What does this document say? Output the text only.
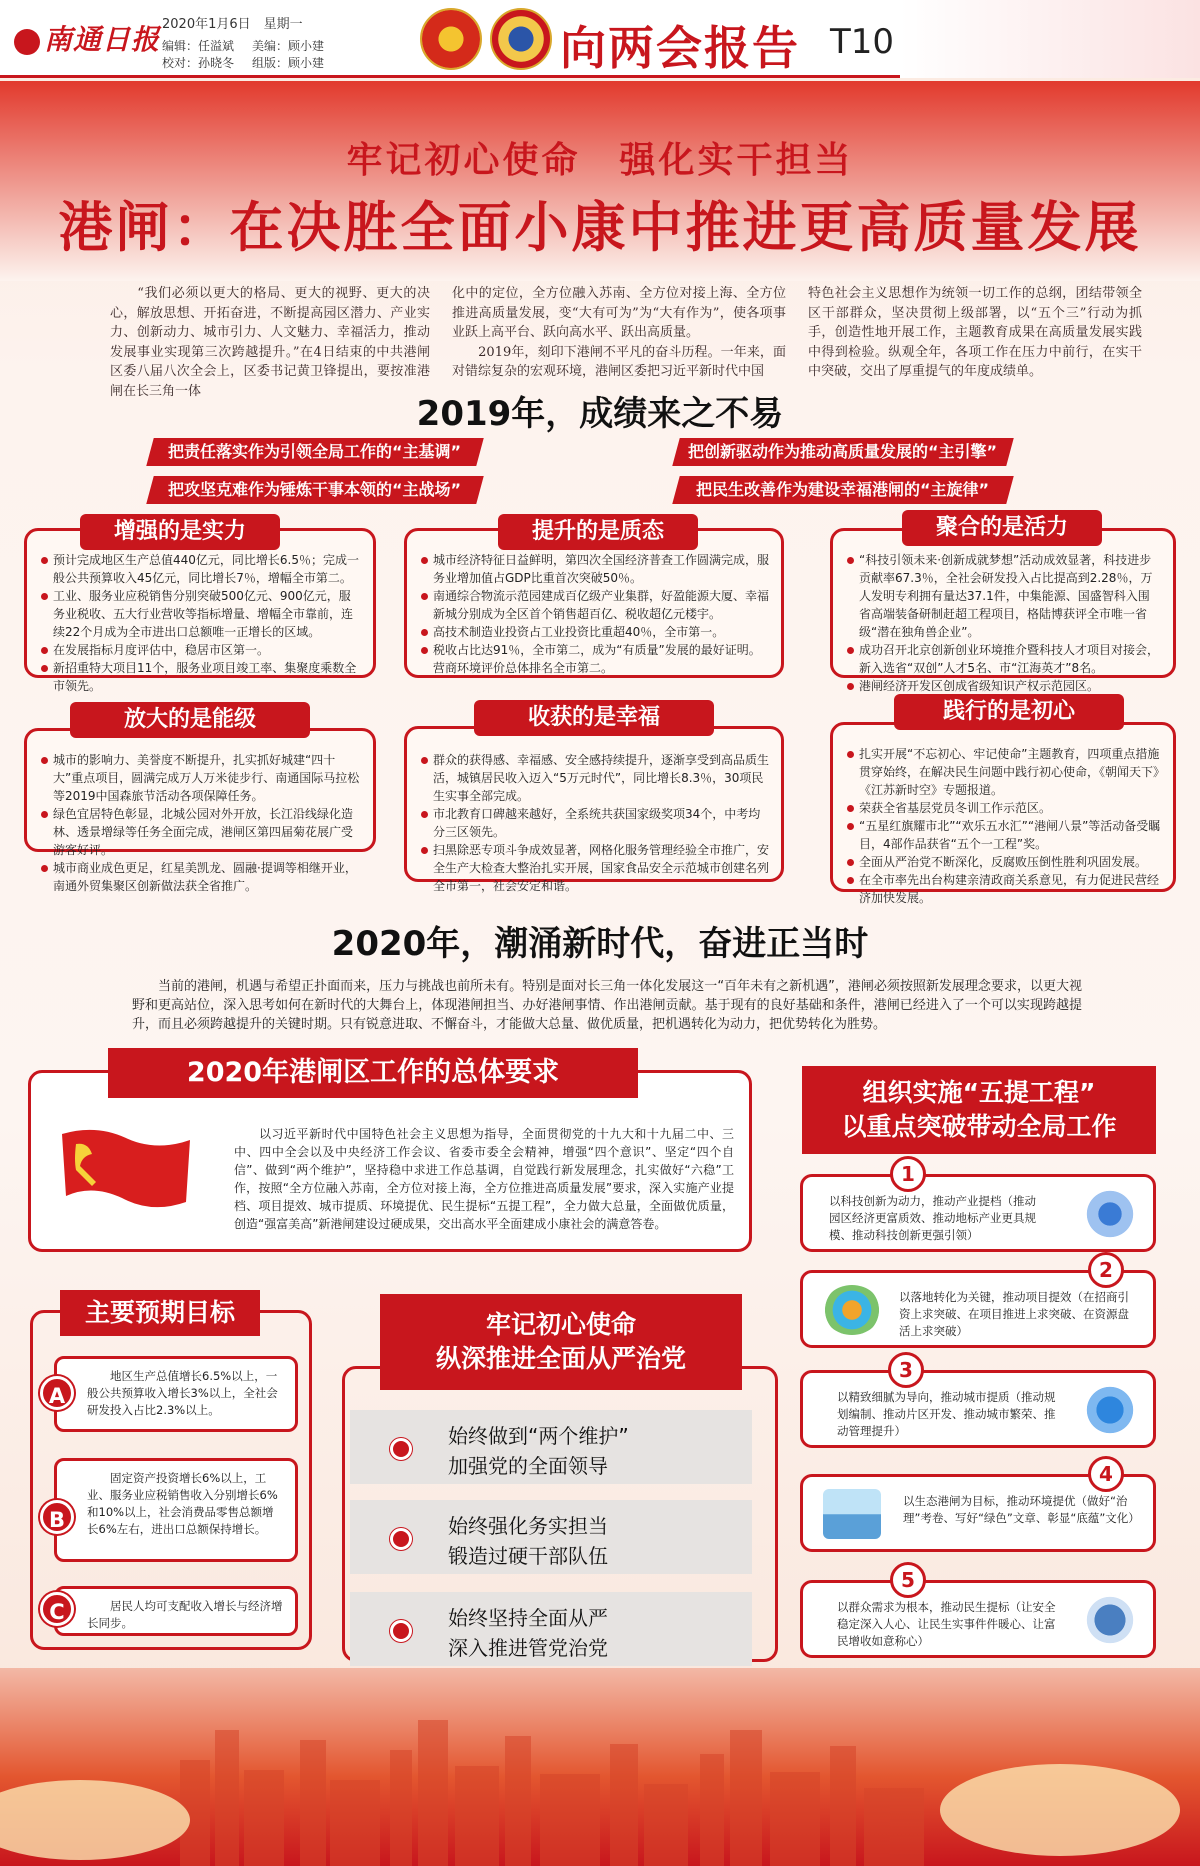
南通日报 2020年1月6日　星期一
编辑：任溢斌 美编：顾小建
校对：孙晓冬 组版：顾小建	向两会报告 T10
牢记初心使命　强化实干担当
港闸：在决胜全面小康中推进更高质量发展
　　“我们必须以更大的格局、更大的视野、更大的决心，解放思想、开拓奋进，不断提高园区潜力、产业实力、创新动力、城市引力、人文魅力、幸福活力，推动发展事业实现第三次跨越提升。”在4日结束的中共港闸区委八届八次全会上，区委书记黄卫锋提出，要按准港闸在长三角一体
化中的定位，全方位融入苏南、全方位对接上海、全方位推进高质量发展，变“大有可为”为“大有作为”，使各项事业跃上高平台、跃向高水平、跃出高质量。
　　2019年，刻印下港闸不平凡的奋斗历程。一年来，面对错综复杂的宏观环境，港闸区委把习近平新时代中国
特色社会主义思想作为统领一切工作的总纲，团结带领全区干部群众，坚决贯彻上级部署，以“五个三”行动为抓手，创造性地开展工作，主题教育成果在高质量发展实践中得到检验。纵观全年，各项工作在压力中前行，在实干中突破，交出了厚重提气的年度成绩单。
2019年，成绩来之不易
把责任落实作为引领全局工作的“主基调”	把创新驱动作为推动高质量发展的“主引擎”
把攻坚克难作为锤炼干事本领的“主战场”	把民生改善作为建设幸福港闸的“主旋律”
预计完成地区生产总值440亿元，同比增长6.5％；完成一般公共预算收入45亿元，同比增长7％，增幅全市第二。
工业、服务业应税销售分别突破500亿元、900亿元，服务业税收、五大行业营收等指标增量、增幅全市靠前，连续22个月成为全市进出口总额唯一正增长的区域。
在发展指标月度评估中，稳居市区第一。
新招重特大项目11个，服务业项目竣工率、集聚度乘数全市领先。
增强的是实力
城市经济特征日益鲜明，第四次全国经济普查工作圆满完成，服务业增加值占GDP比重首次突破50％。
南通综合物流示范园建成百亿级产业集群，好盈能源大厦、幸福新城分别成为全区首个销售超百亿、税收超亿元楼宇。
高技术制造业投资占工业投资比重超40％，全市第一。
税收占比达91％，全市第二，成为“有质量”发展的最好证明。营商环境评价总体排名全市第二。
提升的是质态
“科技引领未来·创新成就梦想”活动成效显著，科技进步贡献率67.3％，全社会研发投入占比提高到2.28％，万人发明专利拥有量达37.1件，中集能源、国盛智科入围省高端装备研制赶超工程项目，格陆博获评全市唯一省级“潜在独角兽企业”。
成功召开北京创新创业环境推介暨科技人才项目对接会，新入选省“双创”人才5名、市“江海英才”8名。
港闸经济开发区创成省级知识产权示范园区。
聚合的是活力
城市的影响力、美誉度不断提升，扎实抓好城建“四十大”重点项目，圆满完成万人万米徒步行、南通国际马拉松等2019中国森旅节活动各项保障任务。
绿色宜居特色彰显，北城公园对外开放，长江沿线绿化造林、透景增绿等任务全面完成，港闸区第四届菊花展广受游客好评。
城市商业成色更足，红星美凯龙、圆融·提调等相继开业，南通外贸集聚区创新做法获全省推广。
放大的是能级
群众的获得感、幸福感、安全感持续提升，逐渐享受到高品质生活，城镇居民收入迈入“5万元时代”，同比增长8.3％，30项民生实事全部完成。
市北教育口碑越来越好，全系统共获国家级奖项34个，中考均分三区领先。
扫黑除恶专项斗争成效显著，网格化服务管理经验全市推广，安全生产大检查大整治扎实开展，国家食品安全示范城市创建名列全市第一，社会安定和谐。
收获的是幸福
扎实开展“不忘初心、牢记使命”主题教育，四项重点措施贯穿始终，在解决民生问题中践行初心使命，《朝闻天下》《江苏新时空》专题报道。
荣获全省基层党员冬训工作示范区。
“五星红旗耀市北”“欢乐五水汇”“港闸八景”等活动备受瞩目，4部作品获省“五个一工程”奖。
全面从严治党不断深化，反腐败压倒性胜利巩固发展。
在全市率先出台构建亲清政商关系意见，有力促进民营经济加快发展。
践行的是初心
2020年，潮涌新时代，奋进正当时
　　当前的港闸，机遇与希望正扑面而来，压力与挑战也前所未有。特别是面对长三角一体化发展这一“百年未有之新机遇”，港闸必须按照新发展理念要求，以更大视野和更高站位，深入思考如何在新时代的大舞台上，体现港闸担当、办好港闸事情、作出港闸贡献。基于现有的良好基础和条件，港闸已经进入了一个可以实现跨越提升，而且必须跨越提升的关键时期。只有锐意进取、不懈奋斗，才能做大总量、做优质量，把机遇转化为动力，把优势转化为胜势。
2020年港闸区工作的总体要求
　　以习近平新时代中国特色社会主义思想为指导，全面贯彻党的十九大和十九届二中、三中、四中全会以及中央经济工作会议、省委市委全会精神，增强“四个意识”、坚定“四个自信”、做到“两个维护”，坚持稳中求进工作总基调，自觉践行新发展理念，扎实做好“六稳”工作，按照“全方位融入苏南，全方位对接上海，全方位推进高质量发展”要求，深入实施产业提档、项目提效、城市提质、环境提优、民生提标“五提工程”，全力做大总量，全面做优质量，创造“强富美高”新港闸建设过硬成果，交出高水平全面建成小康社会的满意答卷。
组织实施“五提工程”
以重点突破带动全局工作
以科技创新为动力，推动产业提档（推动园区经济更富质效、推动地标产业更具规模、推动科技创新更强引领）
1
以落地转化为关键，推动项目提效（在招商引资上求突破、在项目推进上求突破、在资源盘活上求突破）
2
以精致细腻为导向，推动城市提质（推动规划编制、推动片区开发、推动城市繁荣、推动管理提升）
3
以生态港闸为目标，推动环境提优（做好“治理”考卷、写好“绿色”文章、彰显“底蕴”文化）
4
以群众需求为根本，推动民生提标（让安全稳定深入人心、让民生实事件件暖心、让富民增收如意称心）
5
主要预期目标

　　地区生产总值增长6.5%以上，一般公共预算收入增长3%以上，全社会研发投入占比2.3%以上。

A

　　固定资产投资增长6%以上，工业、服务业应税销售收入分别增长6%和10%以上，社会消费品零售总额增长6%左右，进出口总额保持增长。

B

　　居民人均可支配收入增长与经济增长同步。

C
牢记初心使命
纵深推进全面从严治党
始终做到“两个维护”
加强党的全面领导
始终强化务实担当
锻造过硬干部队伍
始终坚持全面从严
深入推进管党治党
